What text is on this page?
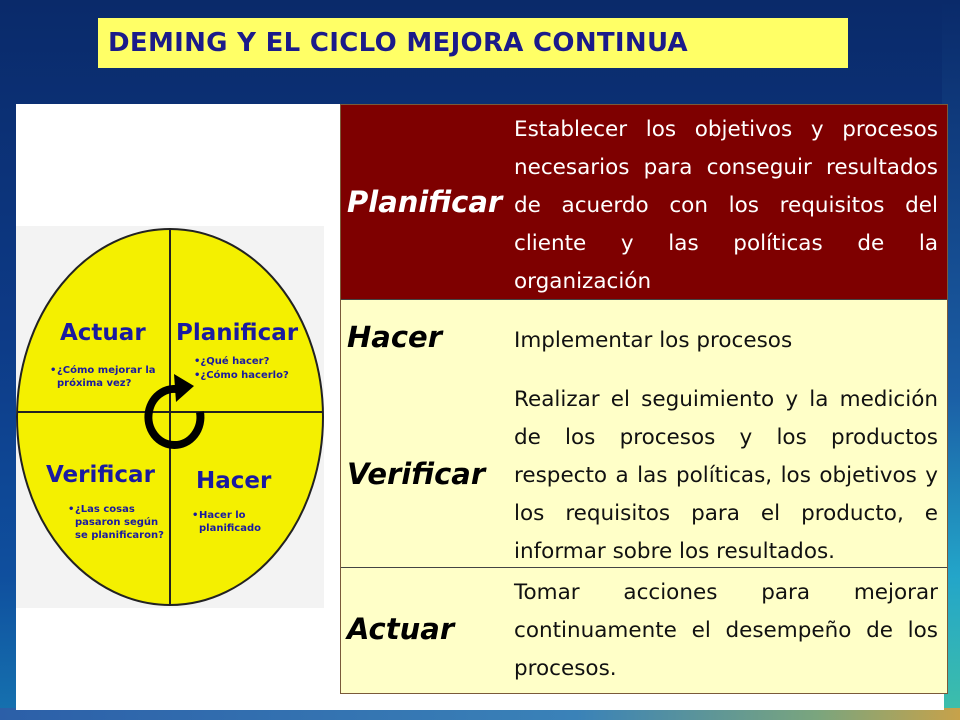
DEMING Y EL CICLO MEJORA CONTINUA
Actuar
• ¿Cómo mejorar la
próxima vez?
Planificar
•¿Qué hacer?
•¿Cómo hacerlo?
Verificar
• ¿Las cosas
pasaron según
se planificaron?
Hacer
• Hacer lo
planificado
Planificar
Establecer los objetivos y procesos necesarios para conseguir resultados de acuerdo con los requisitos del cliente y las políticas de la organización
Hacer	Implementar los procesos
Verificar
Realizar el seguimiento y la medición de los procesos y los productos respecto a las políticas, los objetivos y los requisitos para el producto, e informar sobre los resultados.
Actuar
Tomar acciones para mejorar continuamente el desempeño de los procesos.
